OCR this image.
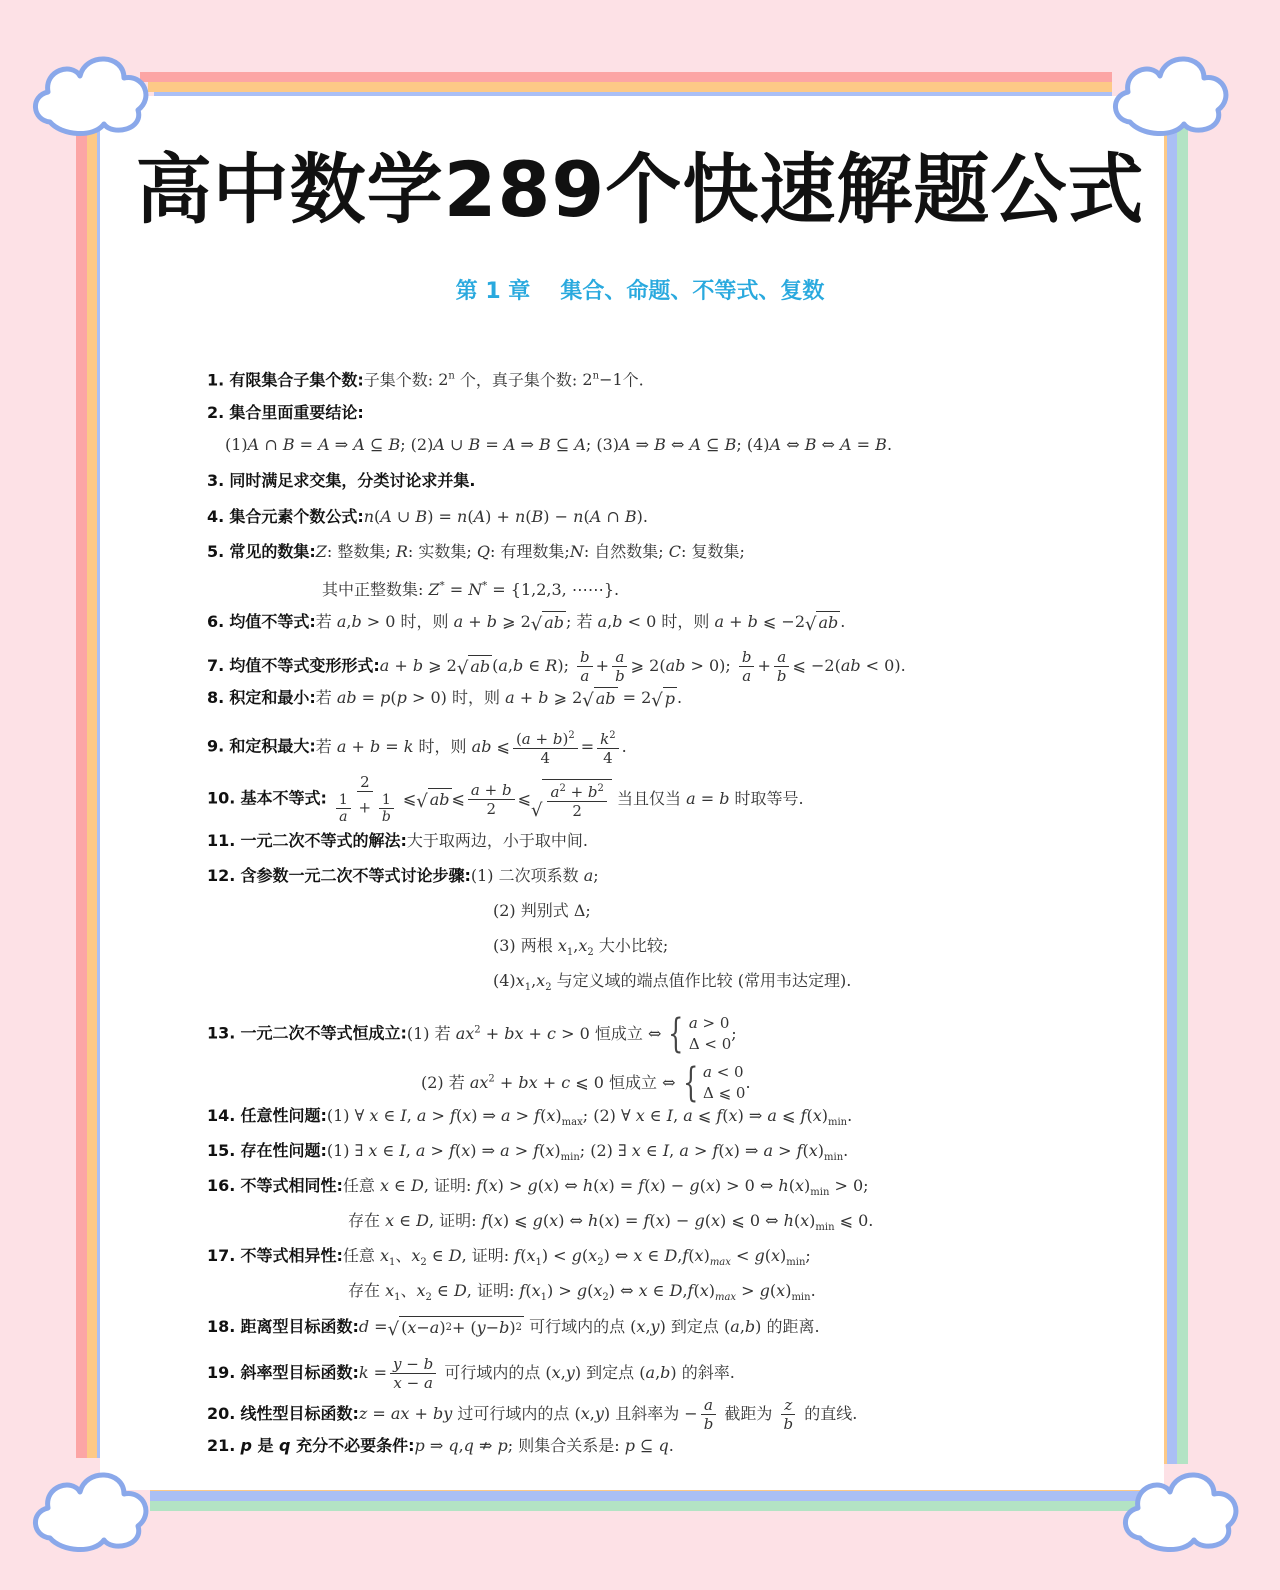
高中数学289个快速解题公式
第 1 章 集合、命题、不等式、复数
1. 有限集合子集个数:子集个数: 2$^n$ 个，真子集个数: $2^n-1$个.
2. 集合里面重要结论:
(1)A ∩ B = A ⇒ A ⊆ B; (2)A ∪ B = A ⇒ B ⊆ A; (3)A ⇒ B ⇔ A ⊆ B; (4)A ⇔ B ⇔ A = B.
3. 同时满足求交集，分类讨论求并集.
4. 集合元素个数公式:n(A ∪ B) = n(A) + n(B) − n(A ∩ B).
5. 常见的数集:Z: 整数集; R: 实数集; Q: 有理数集;N: 自然数集; C: 复数集;
其中正整数集: Z* = N* = {1,2,3, ⋯⋯}.
6. 均值不等式:若 a,b > 0 时，则 a + b ⩾ 2 √ ab ; 若 a,b < 0 时，则 a + b ⩽ −2 √ ab .
7. 均值不等式变形形式:a + b ⩾ 2 √ ab (a,b ∈ R); $\frac{b}{a} + \frac{a}{b}$ ⩾ 2(ab > 0); $\frac{b}{a} + \frac{a}{b}$ ⩽ −2(ab < 0).
8. 积定和最小:若 ab = p(p > 0) 时，则 a + b ⩾ 2 √ ab = 2 √ p .
9. 和定积最大:若 a + b = k 时，则 ab ⩽ $\frac{(a + b)^2}{4} = \frac{k^2}{4}$ .
10. 基本不等式: $\frac{2}{\frac{1}{a} + \frac{1}{b}}$ ⩽ √ ab ⩽ $\frac{a + b}{2}$ ⩽
√ $\frac{a^2 + b^2}{2}$ 当且仅当 a = b 时取等号.
11. 一元二次不等式的解法:大于取两边，小于取中间.
12. 含参数一元二次不等式讨论步骤:(1) 二次项系数 a;
(2) 判别式 Δ;
(3) 两根 $x_1,x_2$ 大小比较;
$(4)x_1,x_2$ 与定义域的端点值作比较 (常用韦达定理).
13. 一元二次不等式恒成立:(1) 若 $ax^2$ + bx + c > 0 恒成立 ⇔ { a > 0
Δ < 0
;
(2) 若 $ax^2$ + bx + c ⩽ 0 恒成立 ⇔ { a < 0
Δ ⩽ 0
.
14. 任意性问题:(1) ∀ x ∈ I, a > f(x) ⇒ $a > f(x)_{max}$; (2) ∀ x ∈ I, a ⩽ f(x) ⇒ a ⩽ $f(x)_{min}$.
15. 存在性问题:(1) ∃ x ∈ I, a > f(x) ⇒ $a > f(x)_{min}$; (2) ∃ x ∈ I, a > f(x) ⇒ $a > f(x)_{min}$.
16. 不等式相同性:任意 x ∈ D, 证明: f(x) > g(x) ⇔ h(x) = f(x) − g(x) > 0 ⇔ $h(x)_{min} > 0$;
存在 x ∈ D, 证明: f(x) ⩽ g(x) ⇔ h(x) = f(x) − g(x) ⩽ 0 ⇔ $h(x)_{min}$ ⩽ 0.
17. 不等式相异性:任意 $x_1$、$x_2$ ∈ D, 证明: $f(x_1) < g(x_2)$ ⇔ x ∈ $D,f(x)_{max} < g(x)_{min}$;
存在 $x_1$、$x_2$ ∈ D, 证明: $f(x_1) > g(x_2)$ ⇔ x ∈ $D,f(x)_{max} > g(x)_{min}$.
18. 距离型目标函数:d = √ ( x − a ) 2 + ( y − b ) 2 可行域内的点 (x,y) 到定点 (a,b) 的距离.
19. 斜率型目标函数:k = $\frac{y - b}{x - a}$ 可行域内的点 (x,y) 到定点 (a,b) 的斜率.
20. 线性型目标函数:z = ax + by 过可行域内的点 (x,y) 且斜率为 − $\frac{a}{b}$ 截距为 $\frac{z}{b}$ 的直线.
21. p 是 q 充分不必要条件:p ⇒ q,q ⇏ p; 则集合关系是: p ⊆ q.
